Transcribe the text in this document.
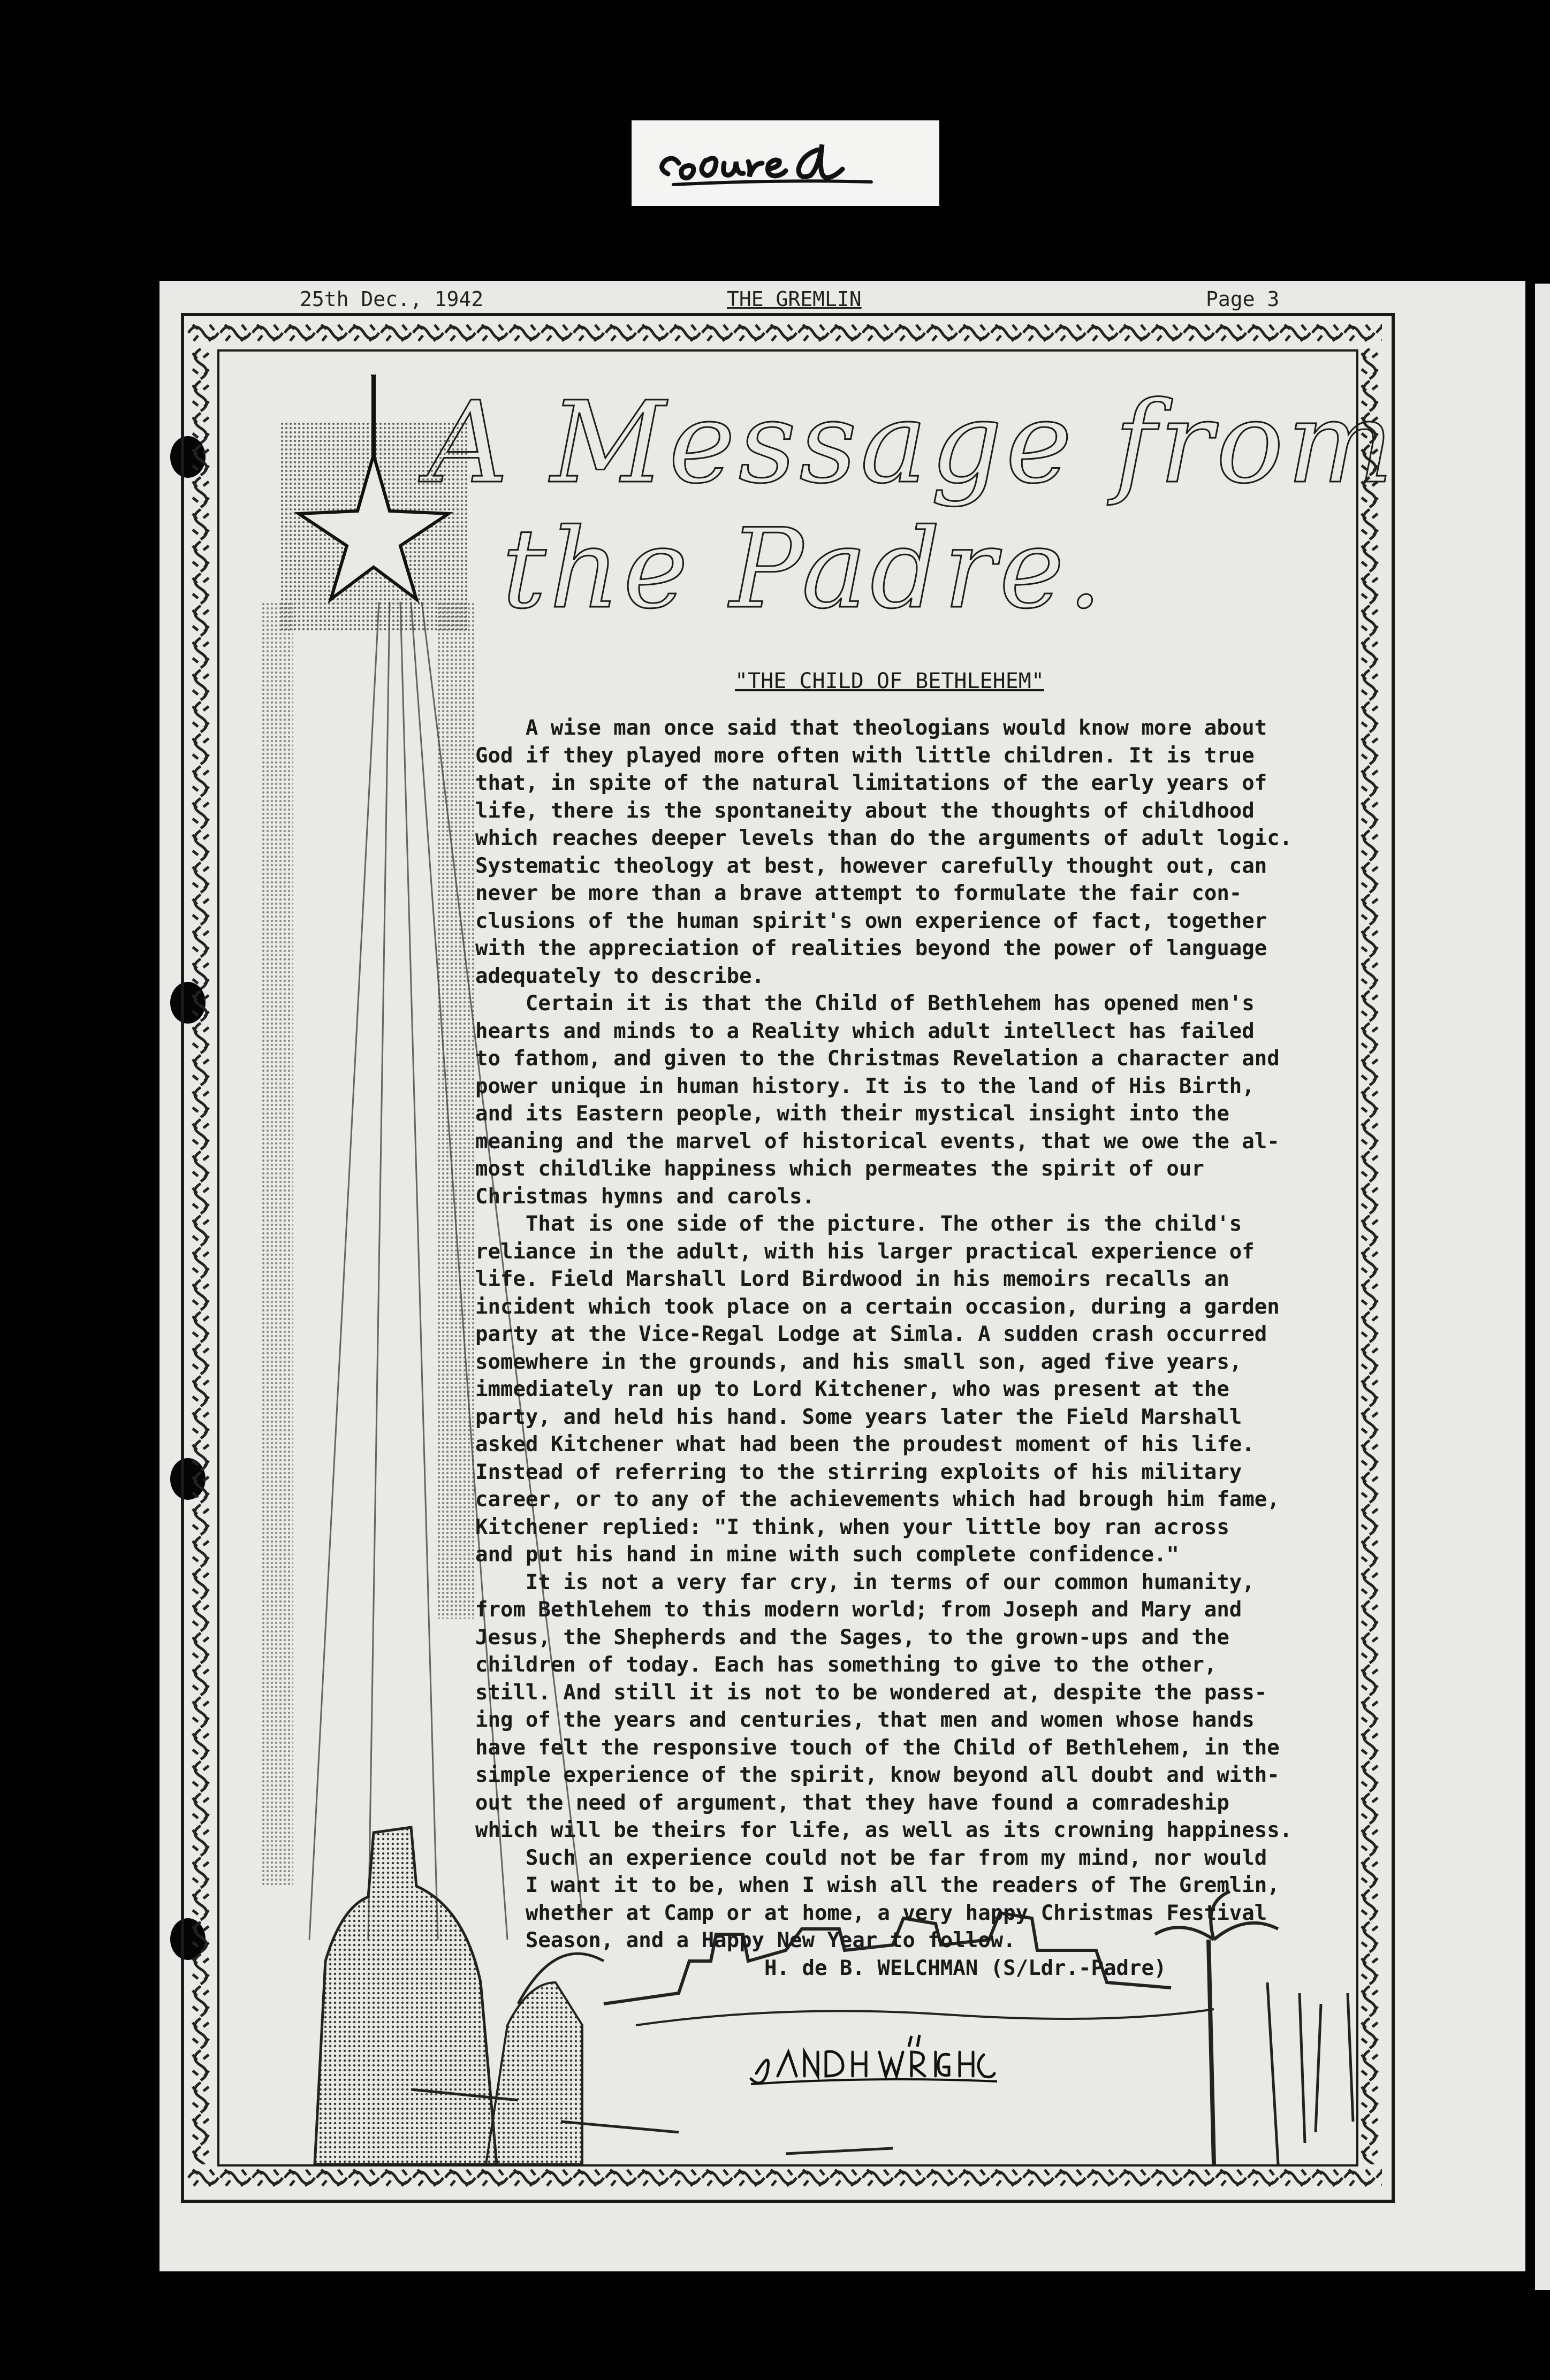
25th Dec., 1942	THE GREMLIN	Page 3
A Message from
the Padre.
"THE CHILD OF BETHLEHEM"
A wise man once said that theologians would know more about
God if they played more often with little children. It is true
that, in spite of the natural limitations of the early years of
life, there is the spontaneity about the thoughts of childhood
which reaches deeper levels than do the arguments of adult logic.
Systematic theology at best, however carefully thought out, can
never be more than a brave attempt to formulate the fair con-
clusions of the human spirit's own experience of fact, together
with the appreciation of realities beyond the power of language
adequately to describe.
Certain it is that the Child of Bethlehem has opened men's
hearts and minds to a Reality which adult intellect has failed
to fathom, and given to the Christmas Revelation a character and
power unique in human history. It is to the land of His Birth,
and its Eastern people, with their mystical insight into the
meaning and the marvel of historical events, that we owe the al-
most childlike happiness which permeates the spirit of our
Christmas hymns and carols.
That is one side of the picture. The other is the child's
reliance in the adult, with his larger practical experience of
life. Field Marshall Lord Birdwood in his memoirs recalls an
incident which took place on a certain occasion, during a garden
party at the Vice-Regal Lodge at Simla. A sudden crash occurred
somewhere in the grounds, and his small son, aged five years,
immediately ran up to Lord Kitchener, who was present at the
party, and held his hand. Some years later the Field Marshall
asked Kitchener what had been the proudest moment of his life.
Instead of referring to the stirring exploits of his military
career, or to any of the achievements which had brough him fame,
Kitchener replied: "I think, when your little boy ran across
and put his hand in mine with such complete confidence."
It is not a very far cry, in terms of our common humanity,
from Bethlehem to this modern world; from Joseph and Mary and
Jesus, the Shepherds and the Sages, to the grown-ups and the
children of today. Each has something to give to the other,
still. And still it is not to be wondered at, despite the pass-
ing of the years and centuries, that men and women whose hands
have felt the responsive touch of the Child of Bethlehem, in the
simple experience of the spirit, know beyond all doubt and with-
out the need of argument, that they have found a comradeship
which will be theirs for life, as well as its crowning happiness.
Such an experience could not be far from my mind, nor would
I want it to be, when I wish all the readers of The Gremlin,
whether at Camp or at home, a very happy Christmas Festival
Season, and a Happy New Year to follow.
H. de B. WELCHMAN (S/Ldr.-Padre)
